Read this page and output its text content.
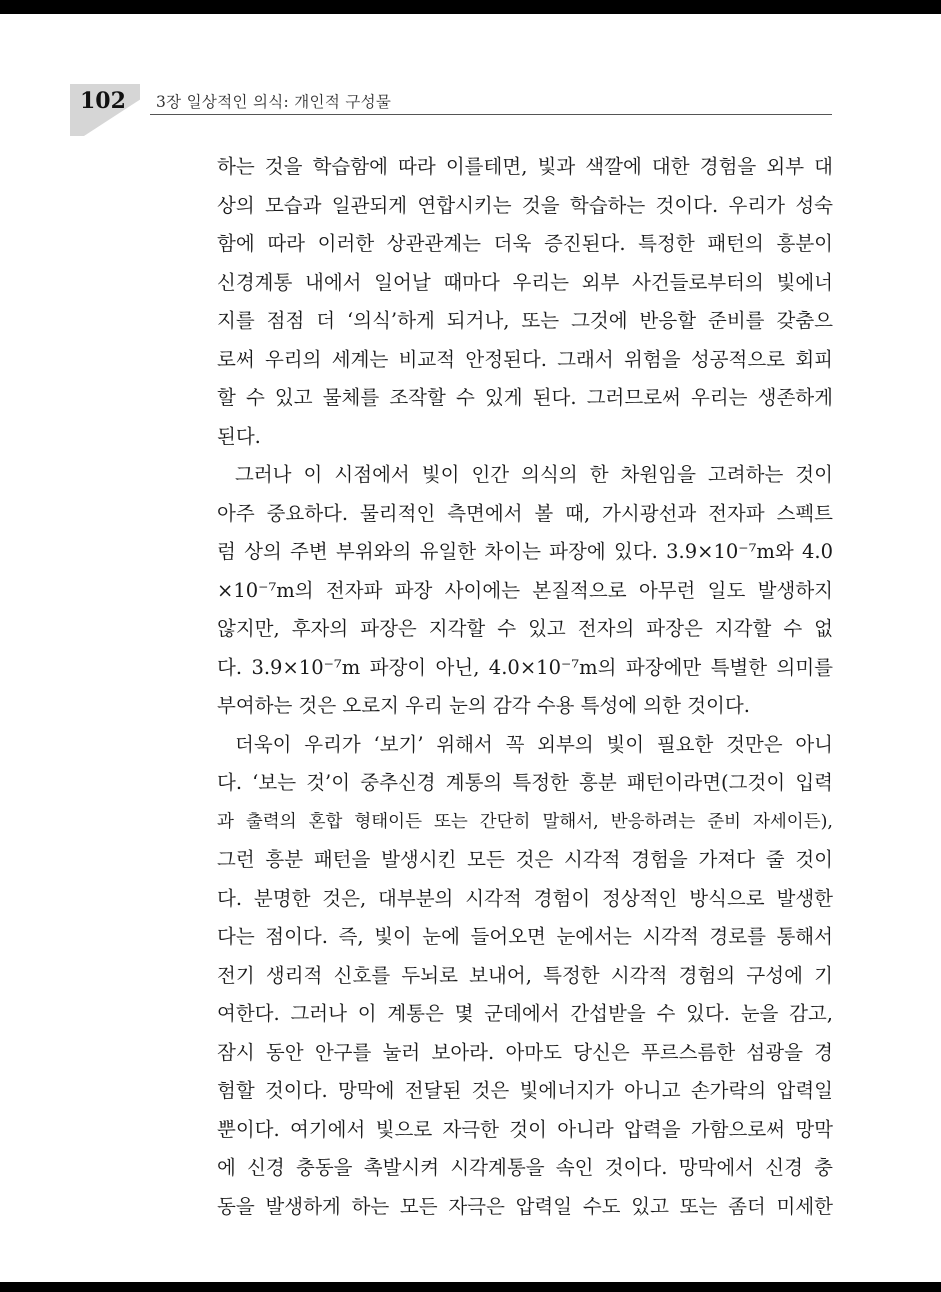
102 3장 일상적인 의식: 개인적 구성물
하는 것을 학습함에 따라 이를테면, 빛과 색깔에 대한 경험을 외부 대
상의 모습과 일관되게 연합시키는 것을 학습하는 것이다. 우리가 성숙
함에 따라 이러한 상관관계는 더욱 증진된다. 특정한 패턴의 흥분이
신경계통 내에서 일어날 때마다 우리는 외부 사건들로부터의 빛에너
지를 점점 더 ‘의식’하게 되거나, 또는 그것에 반응할 준비를 갖춤으
로써 우리의 세계는 비교적 안정된다. 그래서 위험을 성공적으로 회피
할 수 있고 물체를 조작할 수 있게 된다. 그러므로써 우리는 생존하게
된다.
그러나 이 시점에서 빛이 인간 의식의 한 차원임을 고려하는 것이
아주 중요하다. 물리적인 측면에서 볼 때, 가시광선과 전자파 스펙트
럼 상의 주변 부위와의 유일한 차이는 파장에 있다. 3.9×10⁻⁷m와 4.0
×10⁻⁷m의 전자파 파장 사이에는 본질적으로 아무런 일도 발생하지
않지만, 후자의 파장은 지각할 수 있고 전자의 파장은 지각할 수 없
다. 3.9×10⁻⁷m 파장이 아닌, 4.0×10⁻⁷m의 파장에만 특별한 의미를
부여하는 것은 오로지 우리 눈의 감각 수용 특성에 의한 것이다.
더욱이 우리가 ‘보기’ 위해서 꼭 외부의 빛이 필요한 것만은 아니
다. ‘보는 것’이 중추신경 계통의 특정한 흥분 패턴이라면(그것이 입력
과 출력의 혼합 형태이든 또는 간단히 말해서, 반응하려는 준비 자세이든),
그런 흥분 패턴을 발생시킨 모든 것은 시각적 경험을 가져다 줄 것이
다. 분명한 것은, 대부분의 시각적 경험이 정상적인 방식으로 발생한
다는 점이다. 즉, 빛이 눈에 들어오면 눈에서는 시각적 경로를 통해서
전기 생리적 신호를 두뇌로 보내어, 특정한 시각적 경험의 구성에 기
여한다. 그러나 이 계통은 몇 군데에서 간섭받을 수 있다. 눈을 감고,
잠시 동안 안구를 눌러 보아라. 아마도 당신은 푸르스름한 섬광을 경
험할 것이다. 망막에 전달된 것은 빛에너지가 아니고 손가락의 압력일
뿐이다. 여기에서 빛으로 자극한 것이 아니라 압력을 가함으로써 망막
에 신경 충동을 촉발시켜 시각계통을 속인 것이다. 망막에서 신경 충
동을 발생하게 하는 모든 자극은 압력일 수도 있고 또는 좀더 미세한
